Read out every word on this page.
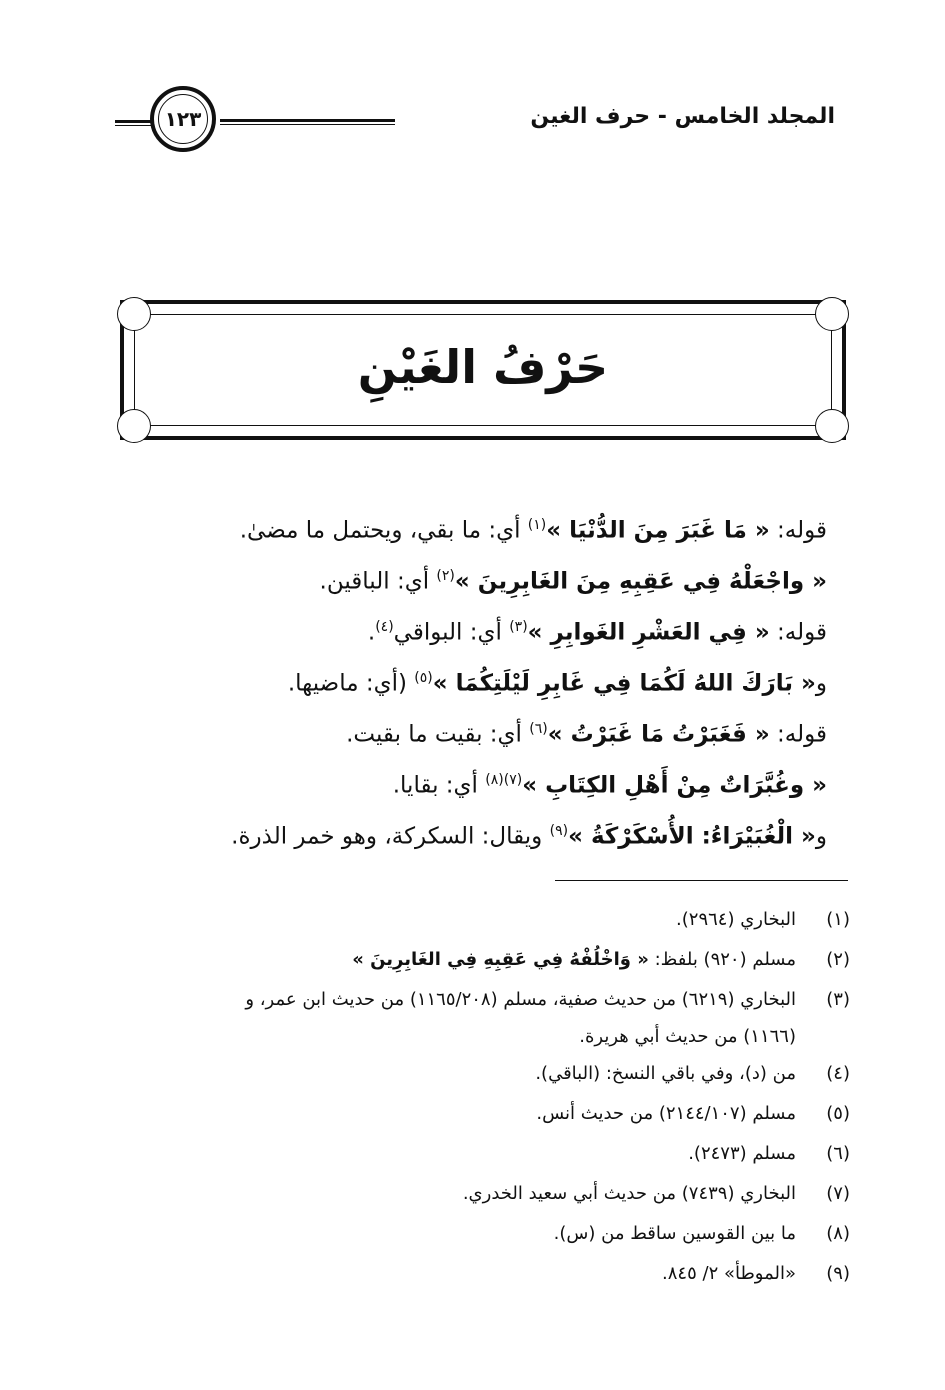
المجلد الخامس - حرف الغين
١٢٣
حَرْفُ الغَيْنِ
قوله: « مَا غَبَرَ مِنَ الدُّنْيَا »$^{(١)}$ أي: ما بقي، ويحتمل ما مضىٰ.
« واجْعَلْهُ فِي عَقِبِهِ مِنَ الغَابِرِينَ »$^{(٢)}$ أي: الباقين.
قوله: « فِي العَشْرِ الغَوابِرِ »$^{(٣)}$ أي: البواقي$^{(٤)}$.
و« بَارَكَ اللهُ لَكُمَا فِي غَابِرِ لَيْلَتِكُمَا »$^{(٥)}$ (أي: ماضيها.
قوله: « فَغَبَرْتُ مَا غَبَرْتُ »$^{(٦)}$ أي: بقيت ما بقيت.
« وغُبَّرَاتٌ مِنْ أَهْلِ الكِتَابِ »$^{(٧)(٨)}$ أي: بقايا.
و« الْغُبَيْرَاءُ: الأُسْكَرْكَةُ »$^{(٩)}$ ويقال: السكركة، وهو خمر الذرة.
(١)
البخاري (٢٩٦٤).
(٢)
مسلم (٩٢٠) بلفظ: « وَاخْلُفْهُ فِي عَقِبِهِ فِي الغَابِرِينَ »
(٣)
البخاري (٦٢١٩) من حديث صفية، مسلم (١١٦٥/٢٠٨) من حديث ابن عمر، و
(١١٦٦) من حديث أبي هريرة.
(٤)
من (د)، وفي باقي النسخ: (الباقي).
(٥)
مسلم (٢١٤٤/١٠٧) من حديث أنس.
(٦)
مسلم (٢٤٧٣).
(٧)
البخاري (٧٤٣٩) من حديث أبي سعيد الخدري.
(٨)
ما بين القوسين ساقط من (س).
(٩)
«الموطأ» ٢/ ٨٤٥.
